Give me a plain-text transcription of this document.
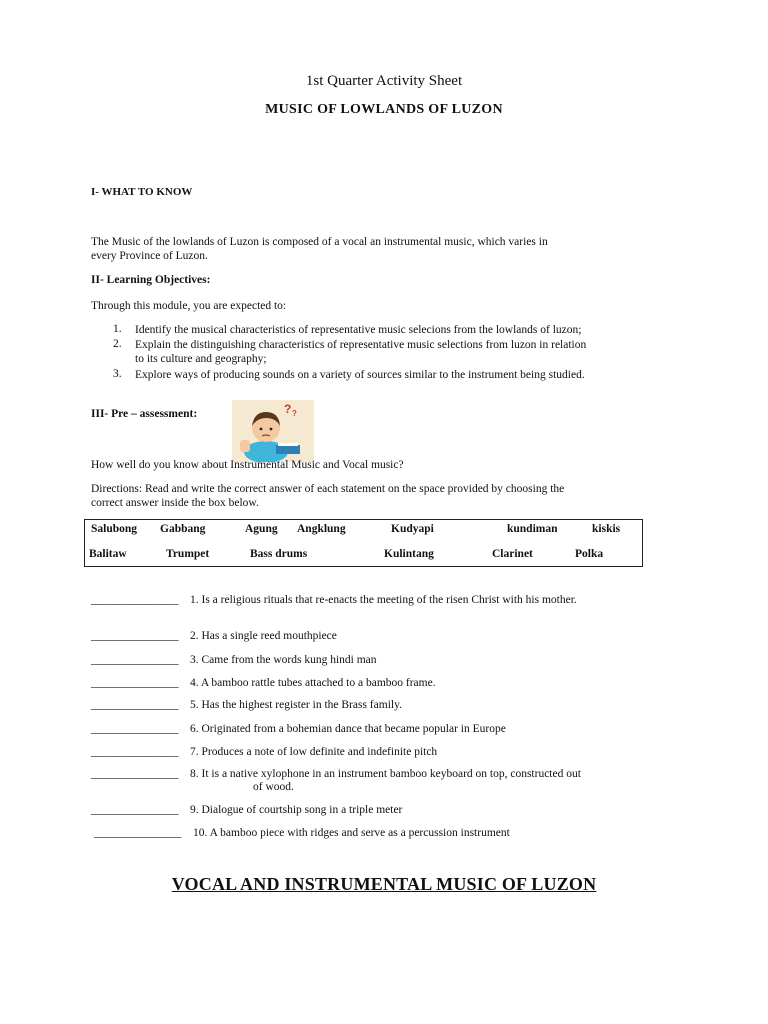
1st Quarter Activity Sheet
MUSIC OF LOWLANDS OF LUZON
I- WHAT TO KNOW
The Music of the lowlands of Luzon is composed of a vocal an instrumental music, which varies in
every Province of Luzon.
II- Learning Objectives:
Through this module, you are expected to:
1. Identify the musical characteristics of representative music selecions from the lowlands of luzon;
2. Explain the distinguishing characteristics of representative music selections from luzon in relation
to its culture and geography;
3. Explore ways of producing sounds on a variety of sources similar to the instrument being studied.
III- Pre – assessment:	? ?
How well do you know about Instrumental Music and Vocal music?
Directions: Read and write the correct answer of each statement on the space provided by choosing the
correct answer inside the box below.
Salubong Gabbang	Agung Angklung	Kudyapi	kundiman	kiskis
Balitaw	Trumpet	Bass drums	Kulintang	Clarinet	Polka
________________ 1. Is a religious rituals that re-enacts the meeting of the risen Christ with his mother.
________________ 2. Has a single reed mouthpiece
________________ 3. Came from the words kung hindi man
________________ 4. A bamboo rattle tubes attached to a bamboo frame.
________________ 5. Has the highest register in the Brass family.
________________ 6. Originated from a bohemian dance that became popular in Europe
________________ 7. Produces a note of low definite and indefinite pitch
________________ 8. It is a native xylophone in an instrument bamboo keyboard on top, constructed out
of wood.
________________ 9. Dialogue of courtship song in a triple meter
________________ 10. A bamboo piece with ridges and serve as a percussion instrument
VOCAL AND INSTRUMENTAL MUSIC OF LUZON
